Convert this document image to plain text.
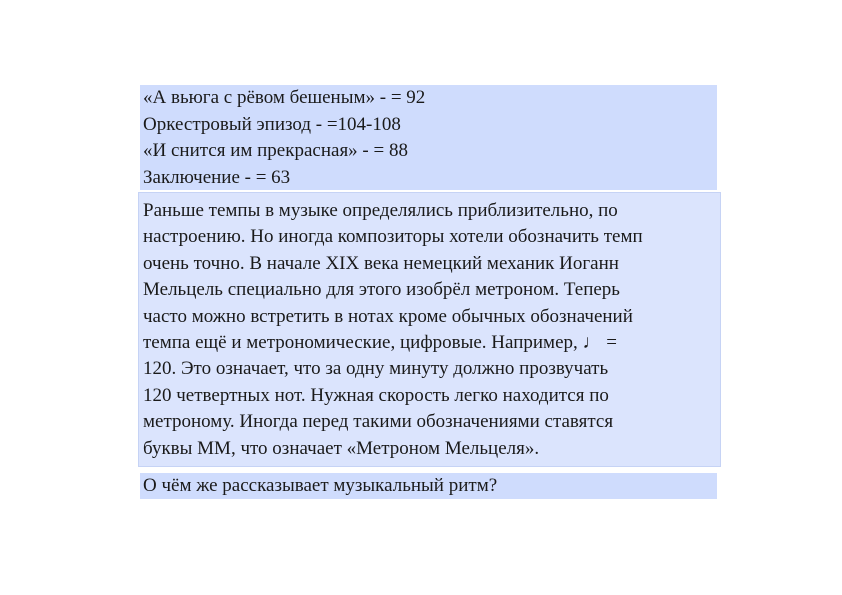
«А вьюга с рёвом бешеным» - = 92
Оркестровый эпизод - =104-108
«И снится им прекрасная» - = 88
Заключение - = 63
Раньше темпы в музыке определялись приблизительно, по
настроению. Но иногда композиторы хотели обозначить темп
очень точно. В начале XIX века немецкий механик Иоганн
Мельцель специально для этого изобрёл метроном. Теперь
часто можно встретить в нотах кроме обычных обозначений
темпа ещё и метрономические, цифровые. Например, ♩ =
120. Это означает, что за одну минуту должно прозвучать
120 четвертных нот. Нужная скорость легко находится по
метроному. Иногда перед такими обозначениями ставятся
буквы ММ, что означает «Метроном Мельцеля».
О чём же рассказывает музыкальный ритм?
